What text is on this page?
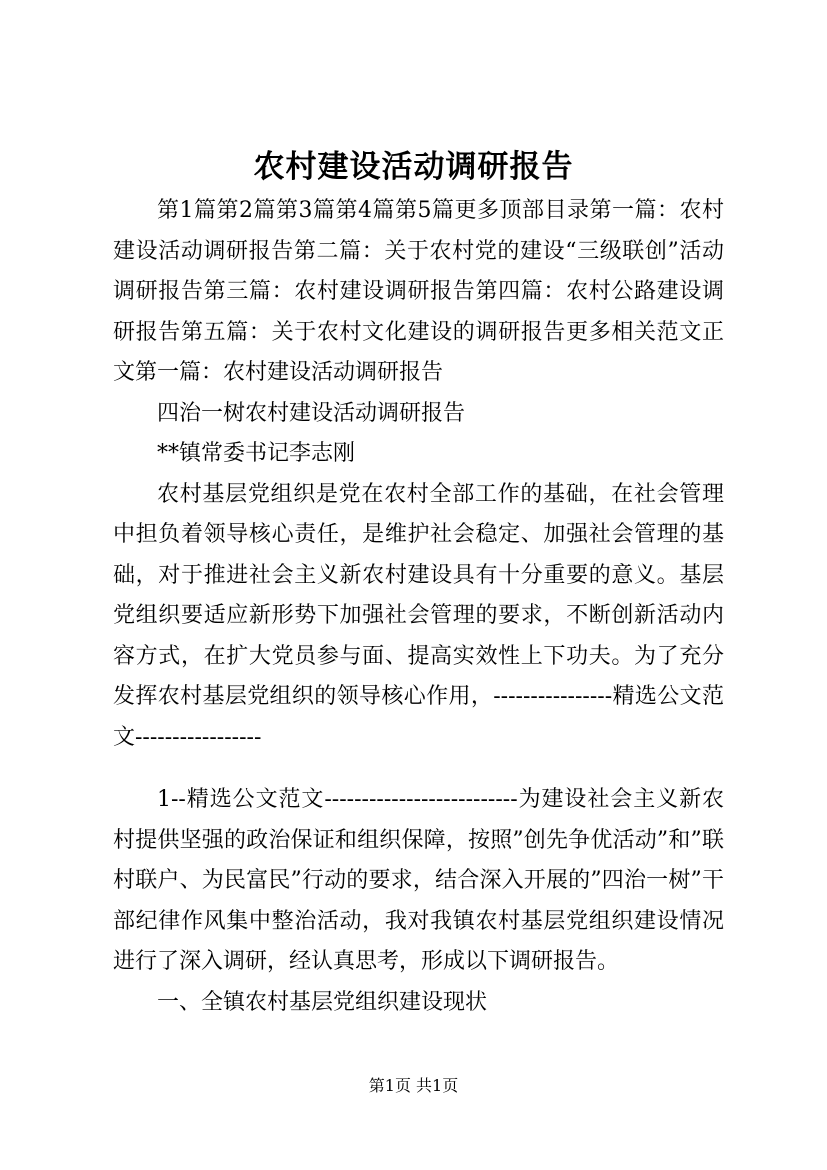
农村建设活动调研报告

第1篇第2篇第3篇第4篇第5篇更多顶部目录第一篇：农村建设活动调研报告第二篇：关于农村党的建设“三级联创”活动调研报告第三篇：农村建设调研报告第四篇：农村公路建设调研报告第五篇：关于农村文化建设的调研报告更多相关范文正文第一篇：农村建设活动调研报告

四治一树农村建设活动调研报告

**镇常委书记李志刚

农村基层党组织是党在农村全部工作的基础，在社会管理中担负着领导核心责任，是维护社会稳定、加强社会管理的基础，对于推进社会主义新农村建设具有十分重要的意义。基层党组织要适应新形势下加强社会管理的要求，不断创新活动内容方式，在扩大党员参与面、提高实效性上下功夫。为了充分发挥农村基层党组织的领导核心作用，----------------精选公文范文-----------------

1--精选公文范文--------------------------为建设社会主义新农村提供坚强的政治保证和组织保障，按照”创先争优活动”和”联村联户、为民富民”行动的要求，结合深入开展的”四治一树”干部纪律作风集中整治活动，我对我镇农村基层党组织建设情况进行了深入调研，经认真思考，形成以下调研报告。

一、全镇农村基层党组织建设现状

第1页 共1页
